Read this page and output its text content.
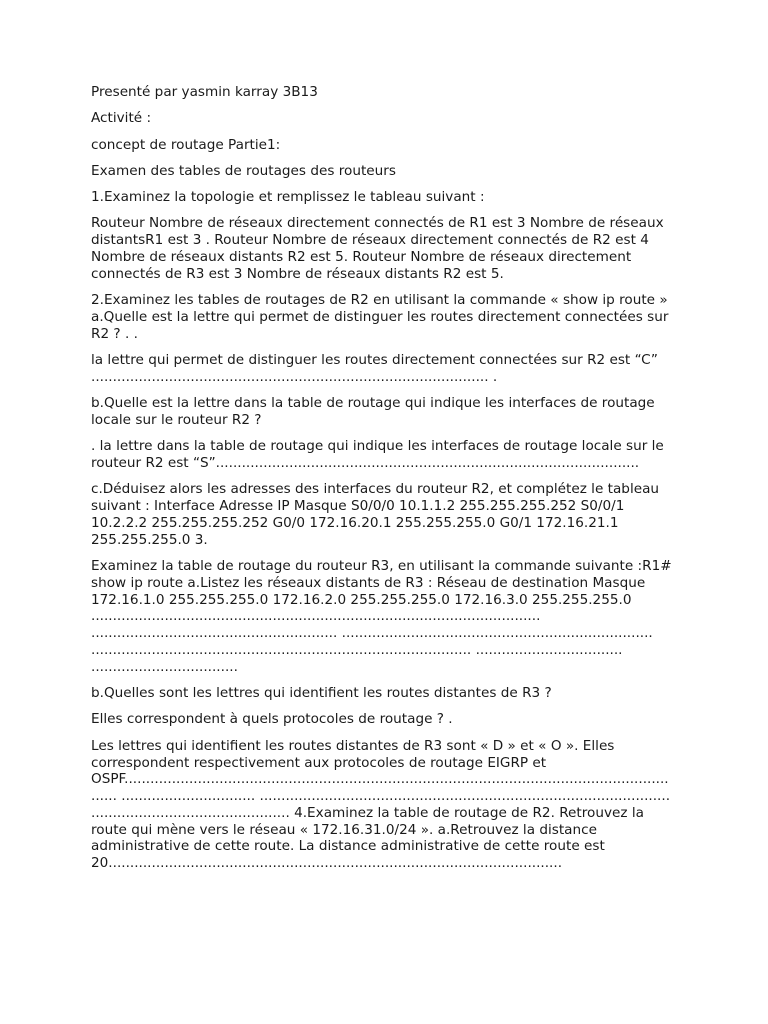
Presenté par yasmin karray 3B13

Activité :

concept de routage Partie1:

Examen des tables de routages des routeurs

1.Examinez la topologie et remplissez le tableau suivant :

Routeur Nombre de réseaux directement connectés de R1 est 3 Nombre de réseaux distantsR1 est 3 . Routeur Nombre de réseaux directement connectés de R2 est 4 Nombre de réseaux distants R2 est 5. Routeur Nombre de réseaux directement connectés de R3 est 3 Nombre de réseaux distants R2 est 5.

2.Examinez les tables de routages de R2 en utilisant la commande « show ip route » a.Quelle est la lettre qui permet de distinguer les routes directement connectées sur R2 ? . .

la lettre qui permet de distinguer les routes directement connectées sur R2 est “C” ............................................................................................ .

b.Quelle est la lettre dans la table de routage qui indique les interfaces de routage locale sur le routeur R2 ?

. la lettre dans la table de routage qui indique les interfaces de routage locale sur le routeur R2 est “S”..................................................................................................

c.Déduisez alors les adresses des interfaces du routeur R2, et complétez le tableau suivant : Interface Adresse IP Masque S0/0/0 10.1.1.2 255.255.255.252 S0/0/1 10.2.2.2 255.255.255.252 G0/0 172.16.20.1 255.255.255.0 G0/1 172.16.21.1 255.255.255.0 3.

Examinez la table de routage du routeur R3, en utilisant la commande suivante :R1# show ip route a.Listez les réseaux distants de R3 : Réseau de destination Masque 172.16.1.0 255.255.255.0 172.16.2.0 255.255.255.0 172.16.3.0 255.255.255.0 ........................................................................................................ ......................................................... ........................................................................ ........................................................................................ .................................. ..................................

b.Quelles sont les lettres qui identifient les routes distantes de R3 ?

Elles correspondent à quels protocoles de routage ? .

Les lettres qui identifient les routes distantes de R3 sont « D » et « O ». Elles correspondent respectivement aux protocoles de routage EIGRP et OSPF.................................................................................................................................... ............................... ............................................................................................... .............................................. 4.Examinez la table de routage de R2. Retrouvez la route qui mène vers le réseau « 172.16.31.0/24 ». a.Retrouvez la distance administrative de cette route. La distance administrative de cette route est 20.........................................................................................................
